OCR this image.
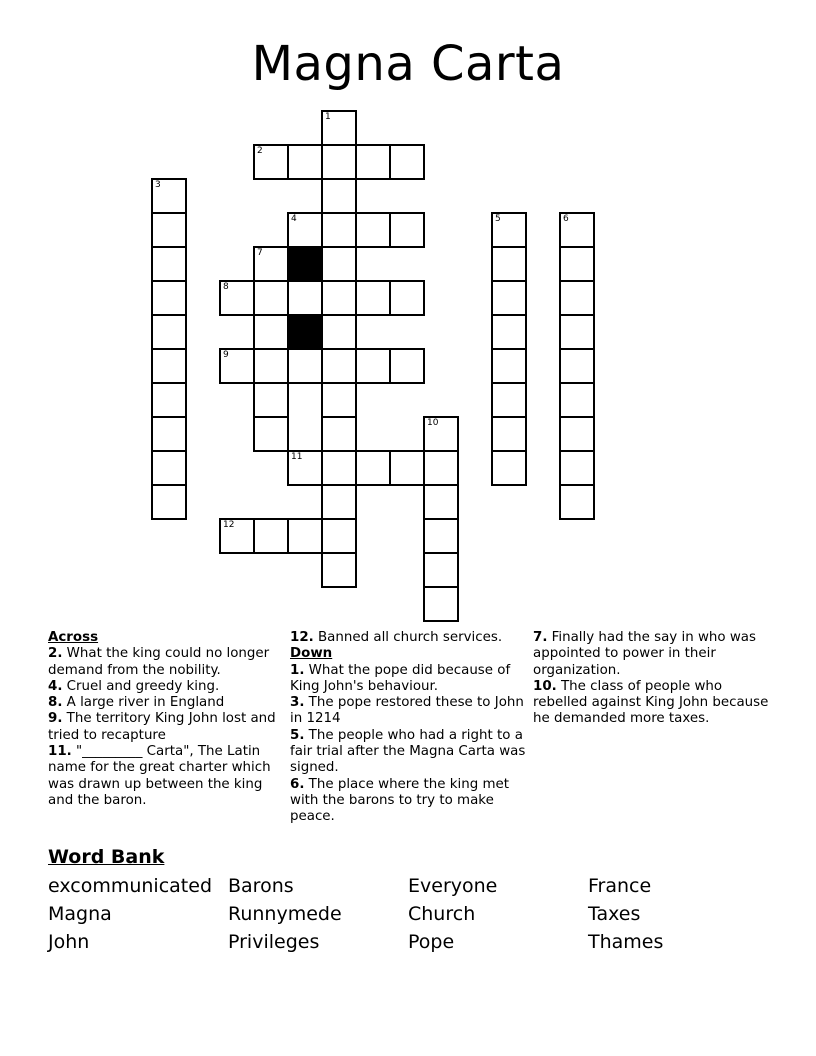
Magna Carta
2
4
8
9
11
12
1
3
5	6
7
10
Across

2. What the king could no longer demand from the nobility.

4. Cruel and greedy king.

8. A large river in England

9. The territory King John lost and tried to recapture

11. "_________ Carta", The Latin name for the great charter which was drawn up between the king and the baron.

12. Banned all church services.

Down

1. What the pope did because of King John's behaviour.

3. The pope restored these to John in 1214

5. The people who had a right to a fair trial after the Magna Carta was signed.

6. The place where the king met with the barons to try to make peace.

7. Finally had the say in who was appointed to power in their organization.

10. The class of people who rebelled against King John because he demanded more taxes.

Word Bank
excommunicated Barons	Everyone	France
Magna	Runnymede	Church	Taxes
John	Privileges	Pope	Thames
